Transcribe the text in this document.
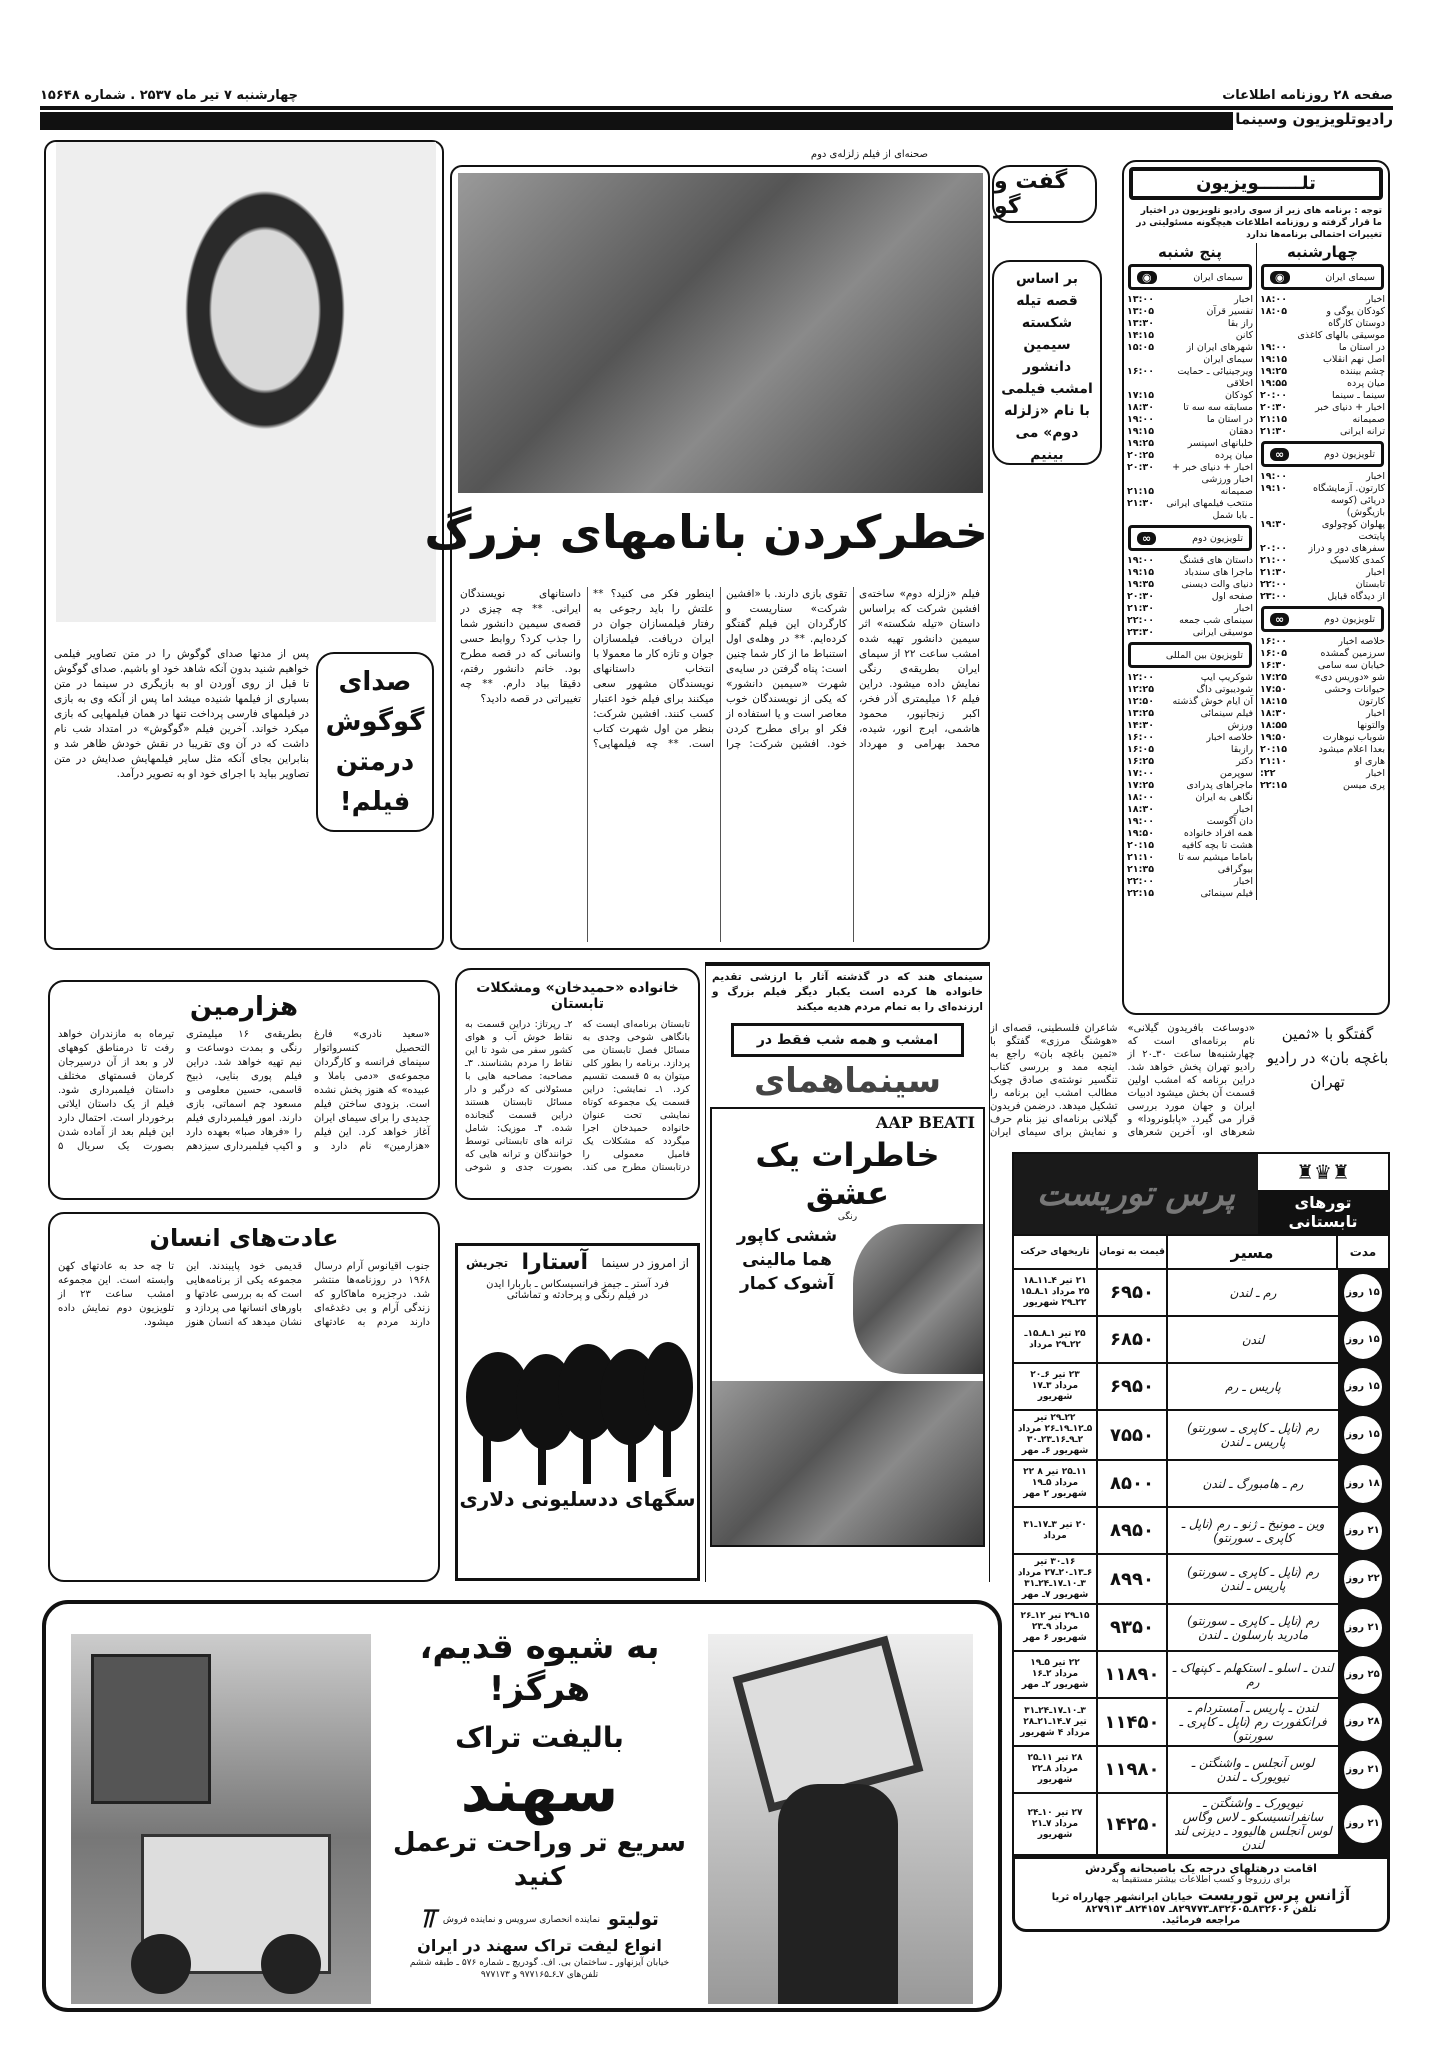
صفحه ۲۸ روزنامه اطلاعات
چهارشنبه ۷ تیر ماه ۲۵۳۷ . شماره ۱۵۶۴۸
رادیوتلویزیون وسینما
صدای گوگوش درمتن فیلم!
پس از مدتها صدای گوگوش را در متن تصاویر فیلمی خواهیم شنید بدون آنکه شاهد خود او باشیم. صدای گوگوش تا قبل از روی آوردن او به بازیگری در سینما در متن بسیاری از فیلمها شنیده میشد اما پس از آنکه وی به بازی در فیلمهای فارسی پرداخت تنها در همان فیلمهایی که بازی میکرد خواند. آخرین فیلم «گوگوش» در امتداد شب نام داشت که در آن وی تقریبا در نقش خودش ظاهر شد و بنابراین بجای آنکه مثل سایر فیلمهایش صدایش در متن تصاویر بیاید با اجرای خود او به تصویر درآمد.
صحنه‌ای از فیلم زلزله‌ی دوم
خطرکردن بانامهای بزرگ
فیلم «زلزله دوم» ساخته‌ی افشین شرکت که براساس داستان «تیله شکسته» اثر سیمین دانشور تهیه شده امشب ساعت ۲۲ از سیمای ایران بطریقه‌ی رنگی نمایش داده میشود. دراین فیلم ۱۶ میلیمتری آذر فخر، اکبر زنجانپور، محمود هاشمی، ایرج انور، شیده، محمد بهرامی و مهرداد تقوی بازی دارند. با «افشین شرکت» سناریست و کارگردان این فیلم گفتگو کرده‌ایم. ** در وهله‌ی اول استنباط ما از کار شما چنین است: پناه گرفتن در سایه‌ی شهرت «سیمین دانشور» که یکی از نویسندگان خوب معاصر است و یا استفاده از فکر او برای مطرح کردن خود. افشین شرکت: چرا اینطور فکر می کنید؟ ** علتش را باید رجوعی به رفتار فیلمسازان جوان در ایران دریافت. فیلمسازان جوان و تازه کار ما معمولا با انتخاب داستانهای نویسندگان مشهور سعی میکنند برای فیلم خود اعتبار کسب کنند. افشین شرکت: بنظر من اول شهرت کتاب است. ** چه فیلمهایی؟ داستانهای نویسندگان ایرانی. ** چه چیزی در قصه‌ی سیمین دانشور شما را جذب کرد؟ روابط حسی وانسانی که در قصه مطرح بود. خانم دانشور رفتم، دقیقا بیاد دارم. ** چه تغییراتی در قصه دادید؟
گفت و گو
بر اساس قصه تیله شکسته سیمین دانشور امشب فیلمی با نام «زلزله دوم» می بینیم
تلـــــــویزیون
توجه : برنامه های زیر از سوی رادیو تلویزیون در اختیار ما قرار گرفته و روزنامه اطلاعات هیچگونه مسئولیتی در تغییرات احتمالی برنامه‌ها ندارد
چهارشنبه
سیمای ایران
◉
اخبار
۱۸:۰۰
کودکان یوگی و دوستان کارگاه موسیقی بالهای کاغذی
۱۸:۰۵
در استان ما
۱۹:۰۰
اصل نهم انقلاب
۱۹:۱۵
چشم بیننده
۱۹:۲۵
میان پرده
۱۹:۵۵
سینما ـ سینما
۲۰:۰۰
اخبار + دنیای خبر
۲۰:۳۰
صمیمانه
۲۱:۱۵
ترانه ایرانی
۲۱:۳۰
تلویزیون دوم
∞
اخبار
۱۹:۰۰
کارتون. آزمایشگاه دریائی (کوسه بازیگوش)
۱۹:۱۰
پهلوان کوچولوی پایتخت
۱۹:۳۰
سفرهای دور و دراز
۲۰:۰۰
کمدی کلاسیک
۲۱:۰۰
اخبار
۲۱:۳۰
تابستان
۲۲:۰۰
از دیدگاه قبایل
۲۳:۰۰
تلویزیون دوم
∞
خلاصه اخبار
۱۶:۰۰
سرزمین گمشده
۱۶:۰۵
خیابان سه سامی
۱۶:۳۰
شو «دوریس دی»
۱۷:۲۵
حیوانات وحشی
۱۷:۵۰
کارتون
۱۸:۱۵
اخبار
۱۸:۳۰
والتونها
۱۸:۵۵
شوباب نیوهارت
۱۹:۵۰
بعدا اعلام میشود
۲۰:۱۵
هاری او
۲۱:۱۰
اخبار
۲۲:
پری میسن
۲۲:۱۵
پنج شنبه
سیمای ایران
◉
اخبار
۱۳:۰۰
تفسیر قرآن
۱۳:۰۵
راز بقا
۱۳:۳۰
کانن
۱۴:۱۵
شهرهای ایران از سیمای ایران
۱۵:۰۵
ویرجینیائی ـ حمایت اخلاقی
۱۶:۰۰
کودکان
۱۷:۱۵
مسابقه سه سه تا
۱۸:۳۰
در استان ما
۱۹:۰۰
دهقان
۱۹:۱۵
خلبانهای اسپنسر
۱۹:۲۵
میان پرده
۲۰:۲۵
اخبار + دنیای خبر + اخبار ورزشی
۲۰:۳۰
صمیمانه
۲۱:۱۵
منتخب فیلمهای ایرانی ـ بابا شمل
۲۱:۳۰
تلویزیون دوم
∞
داستان های قشنگ
۱۹:۰۰
ماجرا های سندباد
۱۹:۱۵
دنیای والت دیسنی
۱۹:۳۵
صفحه اول
۲۰:۳۰
اخبار
۲۱:۳۰
سینمای شب جمعه
۲۲:۰۰
موسیقی ایرانی
۲۳:۳۰
تلویزیون بین المللی
شوکریپ ایپ
۱۲:۰۰
شودیبوتی داگ
۱۲:۲۵
آن ایام خوش گذشته
۱۲:۵۰
فیلم سینمائی
۱۳:۲۵
ورزش
۱۴:۳۰
خلاصه اخبار
۱۶:۰۰
رازبقا
۱۶:۰۵
دکتر
۱۶:۲۵
سوپرمن
۱۷:۰۰
ماجراهای پدرادی
۱۷:۲۵
نگاهی به ایران
۱۸:۰۰
اخبار
۱۸:۳۰
دان آگوست
۱۹:۰۰
همه افراد خانواده
۱۹:۵۰
هشت تا بچه کافیه
۲۰:۱۵
باماما میشیم سه تا
۲۱:۱۰
بیوگرافی
۲۱:۳۵
اخبار
۲۲:۰۰
فیلم سینمائی
۲۲:۱۵
گفتگو با «ثمین باغچه بان» در رادیو تهران
«دوساعت بافریدون گیلانی» نام برنامه‌ای است که چهارشنبه‌ها ساعت ۳۰ـ۲۰ از رادیو تهران پخش خواهد شد. دراین برنامه که امشب اولین قسمت آن بخش میشود ادبیات ایران و جهان مورد بررسی قرار می گیرد. «پابلونرودا» و شعرهای او، آخرین شعرهای شاعران فلسطینی، قصه‌ای از «هوشنگ مرزی» گفتگو با «ثمین باغچه بان» راجع به اینجه ممد و بررسی کتاب تنگسیر نوشته‌ی صادق چوبک مطالب امشب این برنامه را تشکیل میدهد. درضمن فریدون گیلانی برنامه‌ای نیز بنام حرف و نمایش برای سیمای ایران
هزارمین
«سعید نادری» فارغ التحصیل کنسرواتوار سینمای فرانسه و کارگردان مجموعه‌ی «دمی باملا و عبیده» که هنوز پخش نشده است. بزودی ساختن فیلم جدیدی را برای سیمای ایران آغاز خواهد کرد. این فیلم «هزارمین» نام دارد و بطریقه‌ی ۱۶ میلیمتری رنگی و بمدت دوساعت و نیم تهیه خواهد شد. دراین فیلم پوری بنایی، ذبیح قاسمی، حسین معلومی و مسعود چم اسماتی، بازی دارند. امور فیلمبرداری فیلم را «فرهاد صبا» بعهده دارد و اکیپ فیلمبرداری سیزدهم تیرماه به مازندران خواهد رفت تا درمناطق کوههای لار و بعد از آن درسیرجان کرمان قسمتهای مختلف داستان فیلمبرداری شود. فیلم از یک داستان ایلاتی برخوردار است. احتمال دارد این فیلم بعد از آماده شدن بصورت یک سریال ۵
خانواده «حمیدخان» ومشکلات تابستان
تابستان برنامه‌ای ایست که بانگاهی شوخی وجدی به مسائل فصل تابستان می پردازد. برنامه را بطور کلی میتوان به ۵ قسمت تقسیم کرد. ۱ـ نمایشی: دراین قسمت یک مجموعه کوتاه نمایشی تحت عنوان خانواده حمیدخان اجرا میگردد که مشکلات یک فامیل معمولی را درتابستان مطرح می کند. ۲ـ رپرتاژ: دراین قسمت به نقاط خوش آب و هوای کشور سفر می شود تا این نقاط را مردم بشناسند. ۳ـ مصاحبه: مصاحبه هایی با مسئولانی که درگیر و دار مسائل تابستان هستند دراین قسمت گنجانده شده. ۴ـ موزیک: شامل ترانه های تابستانی توسط خوانندگان و ترانه هایی که بصورت جدی و شوخی
عادت‌های انسان
جنوب اقیانوس آرام درسال ۱۹۶۸ در روزنامه‌ها منتشر شد. درجزیره ماهاکارو که زندگی آرام و بی دغدغه‌ای دارند مردم به عادتهای قدیمی خود پایبندند. این مجموعه یکی از برنامه‌هایی است که به بررسی عادتها و باورهای انسانها می پردازد و نشان میدهد که انسان هنوز تا چه حد به عادتهای کهن وابسته است. این مجموعه امشب ساعت ۲۳ از تلویزیون دوم نمایش داده میشود.
سینمای هند که در گذشته آثار با ارزشی تقدیم خانواده ها کرده است یکبار دیگر فیلم بزرگ و ارزنده‌ای را به تمام مردم هدیه میکند
امشب و همه شب فقط در
سینماهمای
AAP BEATI
خاطرات یک عشق
رنگی
ششی کاپور
هما مالینی
آشوک کمار
از امروز در سینما
آستارا
تجریش
فرد آستر ـ جیمز فرانسیسکاس ـ باربارا ایدن
در فیلم رنگی و پرحادثه و تماشائی
سگهای ددسلیونی دلاری
پرس توریست
♜♛♜
تورهای تابستانی
مدت
مسیر
قیمت به تومان
تاریخهای حرکت
۱۵ روز
رم ـ لندن
۶۹۵۰
۲۱ تیر ۴ـ۱۱ـ۱۸ ۲۵ مرداد ۱ـ۸ـ۱۵ ۲۲ـ۲۹ شهریور
۱۵ روز
لندن
۶۸۵۰
۲۵ تیر ۱ـ۸ـ۱۵ـ ۲۲ـ۲۹ مرداد
۱۵ روز
پاریس ـ رم
۶۹۵۰
۲۳ تیر ۶ـ۲۰ مرداد ۳ـ۱۷ شهریور
۱۵ روز
رم (ناپل ـ کاپری ـ سورنتو) پاریس ـ لندن
۷۵۵۰
۲۲ـ۲۹ تیر ۵ـ۱۲ـ۱۹ـ۲۶ مرداد ۲ـ۹ـ۱۶ـ۲۳ـ۳۰ شهریور ۶ـ مهر
۱۸ روز
رم ـ هامبورگ ـ لندن
۸۵۰۰
۱۱ـ۲۵ تیر ۸ ۲۲ مرداد ۵ـ۱۹ شهریور ۲ مهر
۲۱ روز
وین ـ مونیخ ـ ژنو ـ رم (ناپل ـ کاپری ـ سورنتو)
۸۹۵۰
۲۰ تیر ۳ـ۱۷ـ۳۱ مرداد
۲۲ روز
رم (ناپل ـ کاپری ـ سورنتو) پاریس ـ لندن
۸۹۹۰
۱۶ـ۳۰ تیر ۶ـ۱۳ـ۲۰ـ۲۷ مرداد ۳ـ۱۰ـ۱۷ـ۲۴ـ۳۱ شهریور ۷ـ مهر
۲۱ روز
رم (ناپل ـ کاپری ـ سورنتو) مادرید بارسلون ـ لندن
۹۳۵۰
۱۵ـ۲۹ تیر ۱۲ـ۲۶ مرداد ۹ـ۲۳ شهریور ۶ مهر
۲۵ روز
لندن ـ اسلو ـ استکهلم ـ کپنهاک ـ رم
۱۱۸۹۰
۲۲ تیر ۵ـ۱۹ مرداد ۲ـ۱۶ شهریور ۲ـ مهر
۲۸ روز
لندن ـ پاریس ـ آمستردام ـ فرانکفورت رم (ناپل ـ کاپری ـ سورنتو)
۱۱۴۵۰
۳ـ۱۰ـ۱۷ـ۲۴ـ۳۱ تیر ۷ـ۱۴ـ۲۱ـ۲۸ مرداد ۴ شهریور
۲۱ روز
لوس آنجلس ـ واشنگتن ـ نیویورک ـ لندن
۱۱۹۸۰
۲۸ تیر ۱۱ـ۲۵ مرداد ۸ـ۲۲ شهریور
۲۱ روز
نیویورک ـ واشنگتن ـ سانفرانسیسکو ـ لاس وگاس لوس آنجلس هالیوود ـ دیزنی لند لندن
۱۴۲۵۰
۲۷ تیر ۱۰ـ۲۴ مرداد ۷ـ۲۱ شهریور
اقامت درهتلهای درجه یک باصبحانه وگردش
برای رزروجا و کسب اطلاعات بیشتر مستقیما به
آژانس پرس توریست خیابان ایرانشهر چهارراه ثریا
تلفن ۸۳۲۶۰۶ـ۸۳۲۶۰۵ـ۸۲۹۷۷۳ـ ۸۲۴۱۵۷ـ ۸۲۷۹۱۳
مراجعه فرمائید.
به شیوه قدیم، هرگز!
بالیفت تراک
سهند
سریع تر وراحت ترعمل کنید
تولیتو
نماینده انحصاری سرویس و نماینده فروش
⫪
انواع لیفت تراک سهند در ایران
خیابان آیزنهاور ـ ساختمان بی. اف. گودریچ ـ شماره ۵۷۶ ـ طبقه ششم
تلفن‌های ۷ـ۶ـ۹۷۷۱۶۵ و ۹۷۷۱۷۳
